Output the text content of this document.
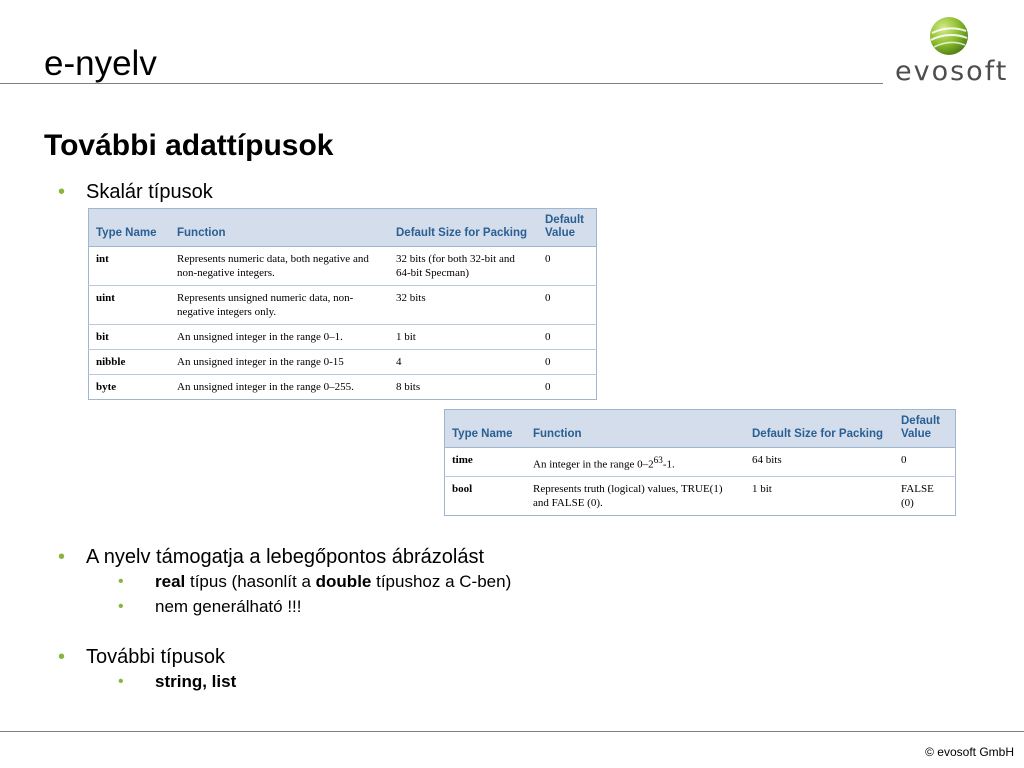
e-nyelv	evosoft
További adattípusok
• Skalár típusok
Type Name	Function	Default Size for Packing	Default Value
int	Represents numeric data, both negative and non-negative integers.	32 bits (for both 32-bit and 64-bit Specman)	0
uint	Represents unsigned numeric data, non-negative integers only.	32 bits	0
bit	An unsigned integer in the range 0–1.	1 bit	0
nibble	An unsigned integer in the range 0-15	4	0
byte	An unsigned integer in the range 0–255.	8 bits	0
Type Name	Function	Default Size for Packing	Default Value
time	An integer in the range $0-2^{63}-1$.	64 bits	0
bool	Represents truth (logical) values, TRUE(1) and FALSE (0).	1 bit	FALSE (0)
• A nyelv támogatja a lebegőpontos ábrázolást
• real típus (hasonlít a double típushoz a C-ben)
• nem generálható !!!
• További típusok
• string, list
© evosoft GmbH
